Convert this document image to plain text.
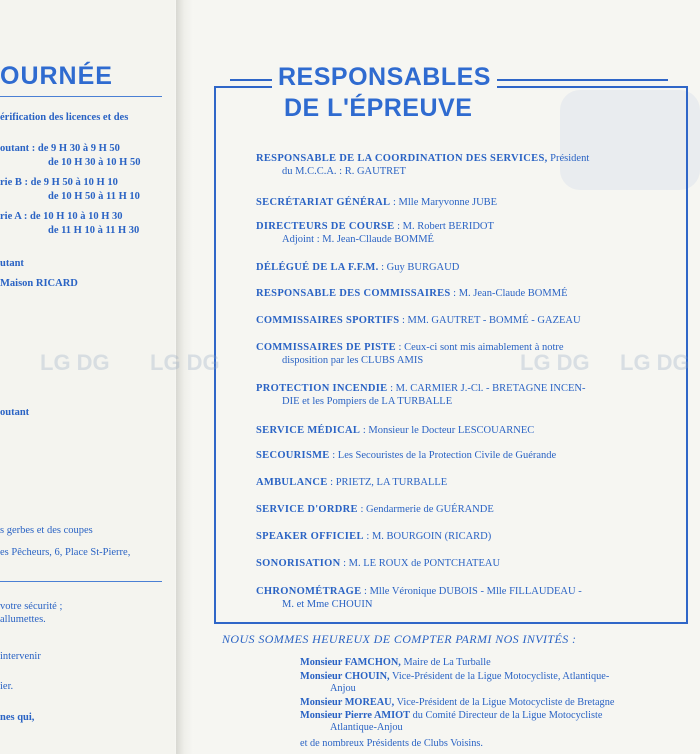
OURNÉE
érification des licences et des
outant : de 9 H 30 à 9 H 50
de 10 H 30 à 10 H 50
rie B : de 9 H 50 à 10 H 10
de 10 H 50 à 11 H 10
rie A : de 10 H 10 à 10 H 30
de 11 H 10 à 11 H 30
utant
Maison RICARD
outant
s gerbes et des coupes
es Pêcheurs, 6, Place St-Pierre,
votre sécurité ;
allumettes.
intervenir
ier.
nes qui,
RESPONSABLES
DE L'ÉPREUVE
RESPONSABLE DE LA COORDINATION DES SERVICES, Président
du M.C.C.A. : R. GAUTRET
SECRÉTARIAT GÉNÉRAL : Mlle Maryvonne JUBE
DIRECTEURS DE COURSE : M. Robert BERIDOT
Adjoint : M. Jean-Cllaude BOMMÉ
DÉLÉGUÉ DE LA F.F.M. : Guy BURGAUD
RESPONSABLE DES COMMISSAIRES : M. Jean-Claude BOMMÉ
COMMISSAIRES SPORTIFS : MM. GAUTRET - BOMMÉ - GAZEAU
COMMISSAIRES DE PISTE : Ceux-ci sont mis aimablement à notre
disposition par les CLUBS AMIS
PROTECTION INCENDIE : M. CARMIER J.-Cl. - BRETAGNE INCEN-
DIE et les Pompiers de LA TURBALLE
SERVICE MÉDICAL : Monsieur le Docteur LESCOUARNEC
SECOURISME : Les Secouristes de la Protection Civile de Guérande
AMBULANCE : PRIETZ, LA TURBALLE
SERVICE D'ORDRE : Gendarmerie de GUÉRANDE
SPEAKER OFFICIEL : M. BOURGOIN (RICARD)
SONORISATION : M. LE ROUX de PONTCHATEAU
CHRONOMÉTRAGE : Mlle Véronique DUBOIS - Mlle FILLAUDEAU -
M. et Mme CHOUIN
NOUS SOMMES HEUREUX DE COMPTER PARMI NOS INVITÉS :
Monsieur FAMCHON, Maire de La Turballe
Monsieur CHOUIN, Vice-Président de la Ligue Motocycliste, Atlantique-
Anjou
Monsieur MOREAU, Vice-Président de la Ligue Motocycliste de Bretagne
Monsieur Pierre AMIOT du Comité Directeur de la Ligue Motocycliste
Atlantique-Anjou
et de nombreux Présidents de Clubs Voisins.
LG DG LG DG	LG DG LG DG
